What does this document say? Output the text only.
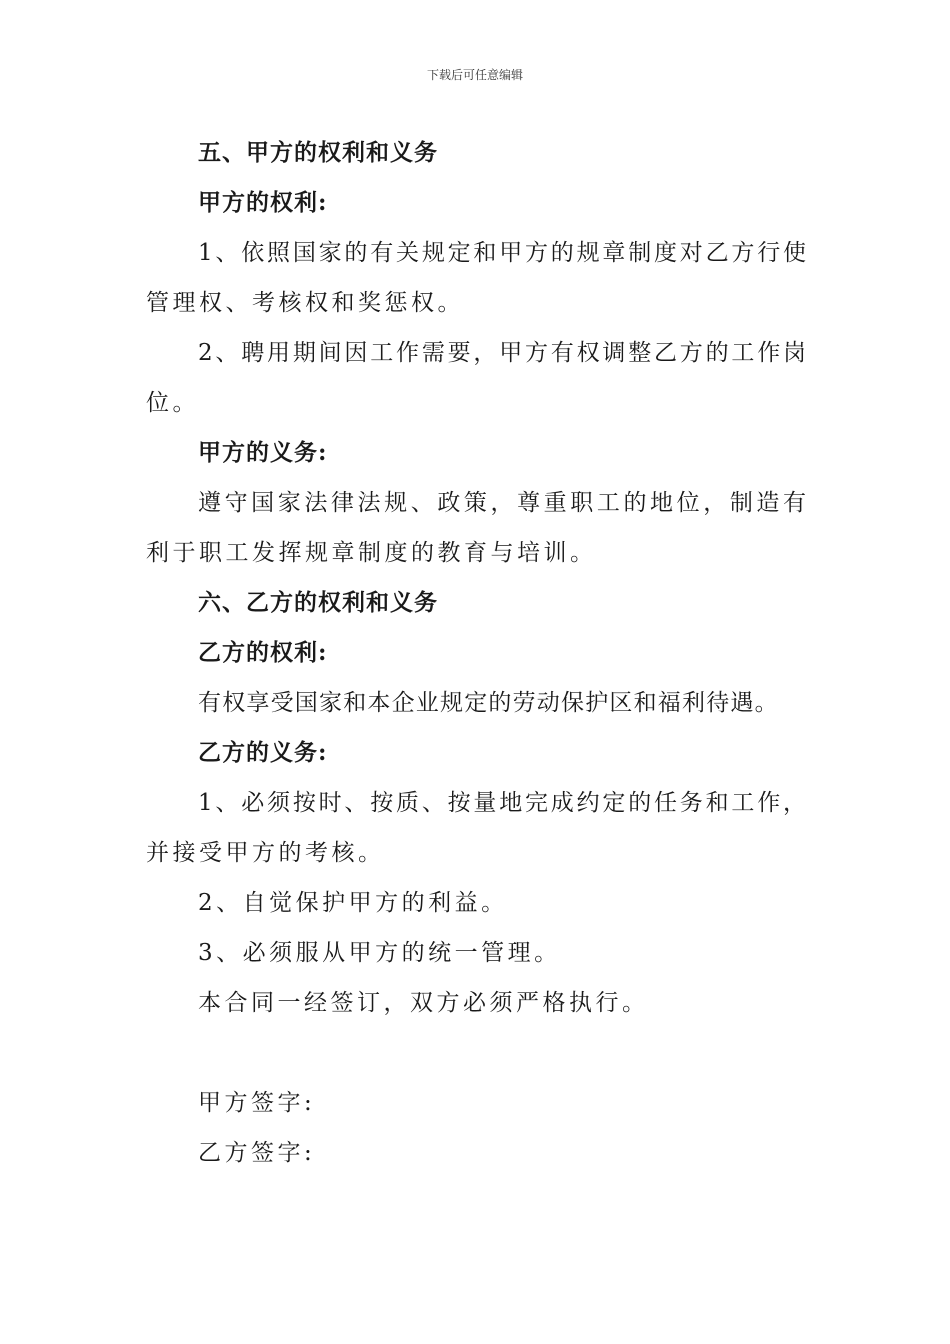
下载后可任意编辑
五、甲方的权利和义务
甲方的权利:
1、依照国家的有关规定和甲方的规章制度对乙方行使
管理权、考核权和奖惩权。
2、聘用期间因工作需要，甲方有权调整乙方的工作岗
位。
甲方的义务:
遵守国家法律法规、政策，尊重职工的地位，制造有
利于职工发挥规章制度的教育与培训。
六、乙方的权利和义务
乙方的权利:
有权享受国家和本企业规定的劳动保护区和福利待遇。
乙方的义务:
1、必须按时、按质、按量地完成约定的任务和工作，
并接受甲方的考核。
2、自觉保护甲方的利益。
3、必须服从甲方的统一管理。
本合同一经签订，双方必须严格执行。
甲方签字:
乙方签字:
